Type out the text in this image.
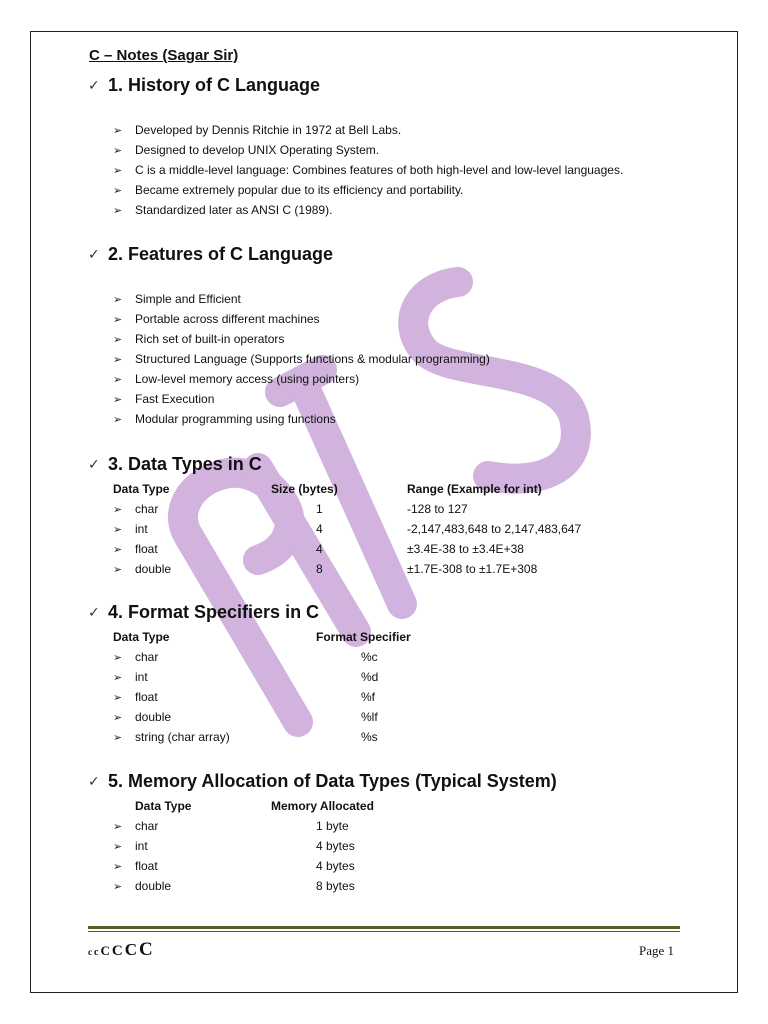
C – Notes (Sagar Sir)
✓ 1. History of C Language
➢	Developed by Dennis Ritchie in 1972 at Bell Labs.
➢	Designed to develop UNIX Operating System.
➢	C is a middle-level language: Combines features of both high-level and low-level languages.
➢	Became extremely popular due to its efficiency and portability.
➢	Standardized later as ANSI C (1989).
✓ 2. Features of C Language
➢	Simple and Efficient
➢	Portable across different machines
➢	Rich set of built-in operators
➢	Structured Language (Supports functions & modular programming)
➢	Low-level memory access (using pointers)
➢	Fast Execution
➢	Modular programming using functions
✓ 3. Data Types in C
Data Type	Size (bytes)	Range (Example for int)
➢	char	1	-128 to 127
➢	int	4	-2,147,483,648 to 2,147,483,647
➢	float	4	±3.4E-38 to ±3.4E+38
➢	double	8	±1.7E-308 to ±1.7E+308
✓ 4. Format Specifiers in C
Data Type	Format Specifier
➢	char	%c
➢	int	%d
➢	float	%f
➢	double	%lf
➢	string (char array)	%s
✓ 5. Memory Allocation of Data Types (Typical System)
Data Type	Memory Allocated
➢	char	1 byte
➢	int	4 bytes
➢	float	4 bytes
➢	double	8 bytes
c c C C C C	Page 1
